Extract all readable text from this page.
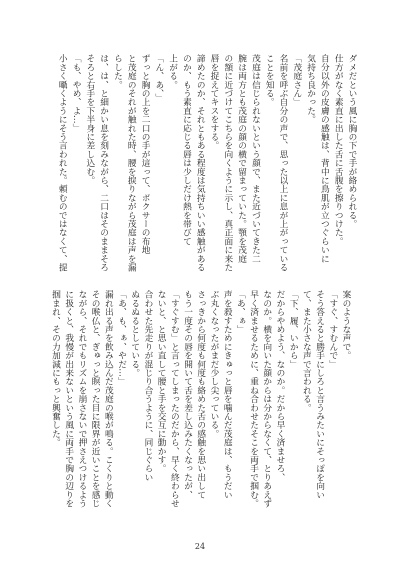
ダメだという風に胸の下で手が絡められる。
仕方がなく素直に出した舌に舌腹を擦りつけた。
自分以外の皮膚の感触は、背中に鳥肌が立つぐらいに
気持ち良かった。
「茂庭さん」
名前を呼ぶ自分の声で、思った以上に息が上がっている
ことを知る。
茂庭は信じられないという顔で、また近づいてきた二
腕は両方とも茂庭の顔の横で留まっていた。顎を茂庭
の額に近づけてこちらを向くように示し、真正面に来た
唇を捉えてキスをする。
諦めたのか、それともある程度は気持ちいい感触がある
のか、もう素直に応じる唇は少しだけ熱を帯びて
上がる。
「ん、あ、」
ずっと胸の上を二口の手が這って、ボクサーの布地
と茂庭のそれが触れた時、腰を捩りながら茂庭は声を漏
らした。
は、は、と細かい息を刻みながら、二口はそのままそろ
そろと右手を下半身に差し込む。
「も、やめ、よ…」
小さく囁くようにそう言われた。頼むのではなくて、提
案のような声で。
「すぐ、すむんで」
そう答えると勝手にしろと言うみたいにそっぽを向い
て、また小さな声で言われる。
「下、履、いから」
だからやめよう、なのか。だから早く済ませろ、
なのか。横を向いた顔からは分からなくて、とりあえず
早く済ませるために、重ね合わせたそこを両手で掴む。
「あ、ぁ」
声を殺すためにきゅっと唇を噛んだ茂庭は、もうだい
ぶ丸くなったがまだ少し尖っている。
さっきから何度も何度も絡めた舌の感触を思い出して
もう一度その唇を開いて舌を差し込みたくなったが、
「すぐすむ」と言ってしまったのだから、早く終わらせ
ないと、と思い直して腰と手を交互に動かす。
合わせた先走りが混じり合うように、同じぐらい
ぬるぬるとしている。
「あ、も、ぁ、やだ…」
漏れ出る声を飲み込んだ茂庭の喉が鳴る。こくりと動く
その喉仏と、ぎゅっと瞑った目に限界が近いことを感じ
ながら、それでもリズムを崩さないで押さえつけるよう
に扱くと、我慢が出来ないという風に両手で胸の辺りを
掴まれ、その力加減にもっと興奮した。
24
